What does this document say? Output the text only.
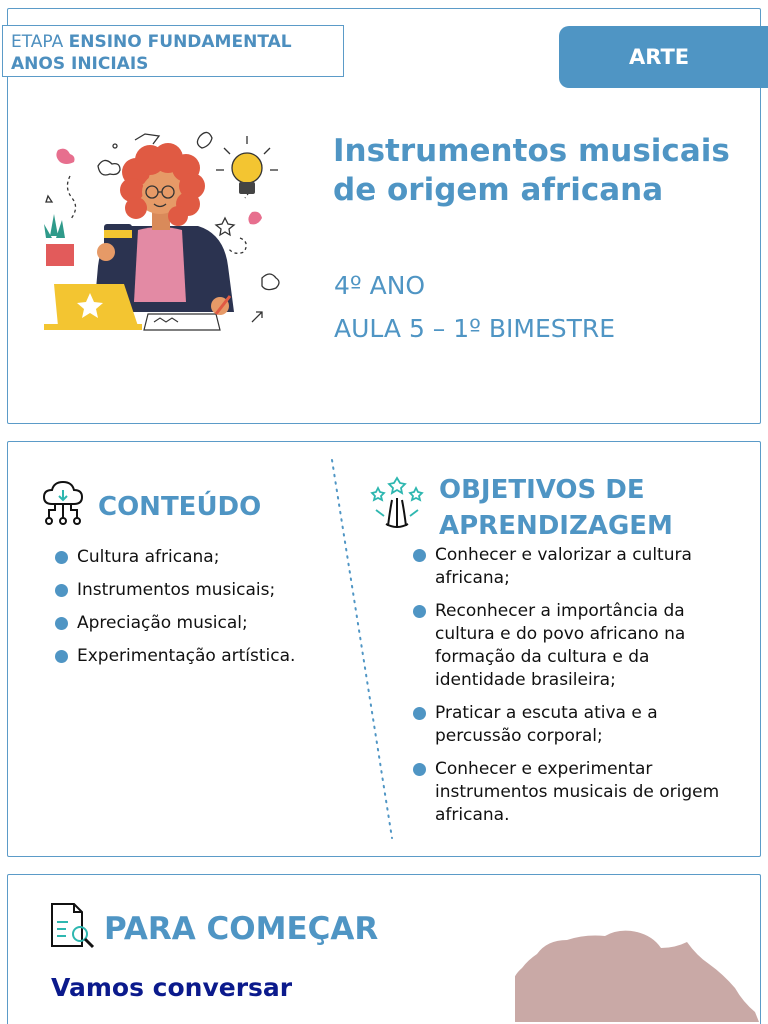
ETAPA ENSINO FUNDAMENTAL
ANOS INICIAIS	ARTE
Instrumentos musicais de origem africana
4º ANO
AULA 5 – 1º BIMESTRE
CONTEÚDO
Cultura africana;
Instrumentos musicais;
Apreciação musical;
Experimentação artística.
OBJETIVOS DE APRENDIZAGEM
Conhecer e valorizar a cultura africana;
Reconhecer a importância da cultura e do povo africano na formação da cultura e da identidade brasileira;
Praticar a escuta ativa e a percussão corporal;
Conhecer e experimentar instrumentos musicais de origem africana.
PARA COMEÇAR
Vamos conversar
